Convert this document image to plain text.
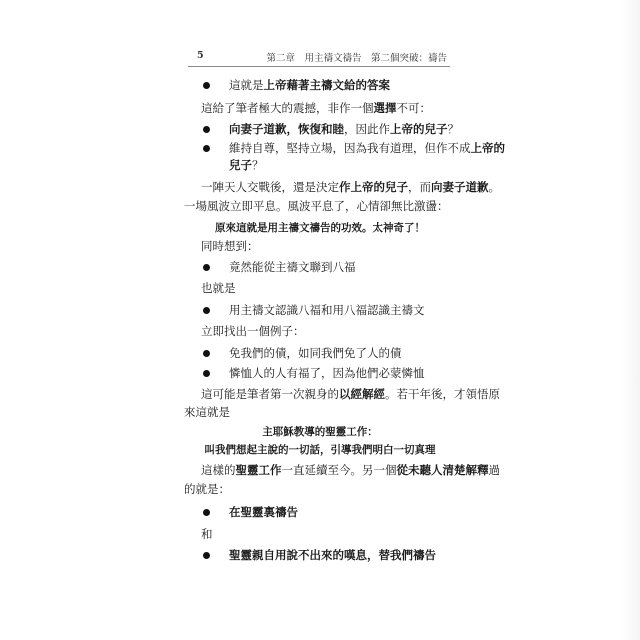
5	第二章　用主禱文禱告　第二個突破：禱告
這就是上帝藉著主禱文給的答案
這給了筆者極大的震撼，非作一個選擇不可：
向妻子道歉，恢復和睦，因此作上帝的兒子？
維持自尊，堅持立場，因為我有道理，但作不成上帝的
兒子？
一陣天人交戰後，還是決定作上帝的兒子，而向妻子道歉。
一場風波立即平息。風波平息了，心情卻無比激盪：
原來這就是用主禱文禱告的功效。太神奇了！
同時想到：
竟然能從主禱文聯到八福
也就是
用主禱文認識八福和用八福認識主禱文
立即找出一個例子：
免我們的債，如同我們免了人的債
憐恤人的人有福了，因為他們必蒙憐恤
這可能是筆者第一次親身的以經解經。若干年後，才領悟原
來這就是
主耶穌教導的聖靈工作：
叫我們想起主說的一切話，引導我們明白一切真理
這樣的聖靈工作一直延續至今。另一個從未聽人清楚解釋過
的就是：
在聖靈裏禱告
和
聖靈親自用說不出來的嘆息，替我們禱告
